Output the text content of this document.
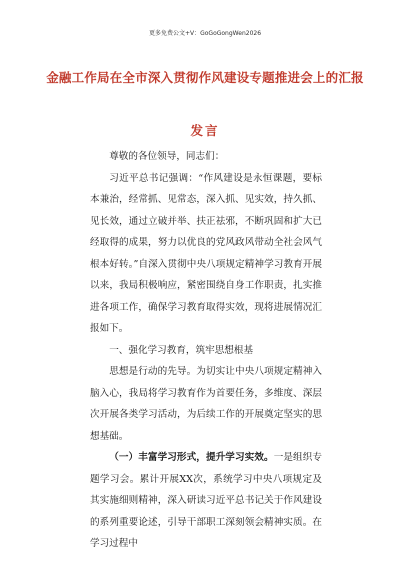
更多免费公文+V：GoGoGongWen2026
金融工作局在全市深入贯彻作风建设专题推进会上的汇报
发言

尊敬的各位领导，同志们：

习近平总书记强调：“作风建设是永恒课题，要标本兼治，经常抓、见常态，深入抓、见实效，持久抓、见长效，通过立破并举、扶正祛邪，不断巩固和扩大已经取得的成果，努力以优良的党风政风带动全社会风气根本好转。”自深入贯彻中央八项规定精神学习教育开展以来，我局积极响应，紧密围绕自身工作职责，扎实推进各项工作，确保学习教育取得实效，现将进展情况汇报如下。

一、强化学习教育，筑牢思想根基

思想是行动的先导。为切实让中央八项规定精神入脑入心，我局将学习教育作为首要任务，多维度、深层次开展各类学习活动，为后续工作的开展奠定坚实的思想基础。

（一）丰富学习形式，提升学习实效。一是组织专题学习会。累计开展XX次，系统学习中央八项规定及其实施细则精神，深入研读习近平总书记关于作风建设的系列重要论述，引导干部职工深刻领会精神实质。在学习过程中
